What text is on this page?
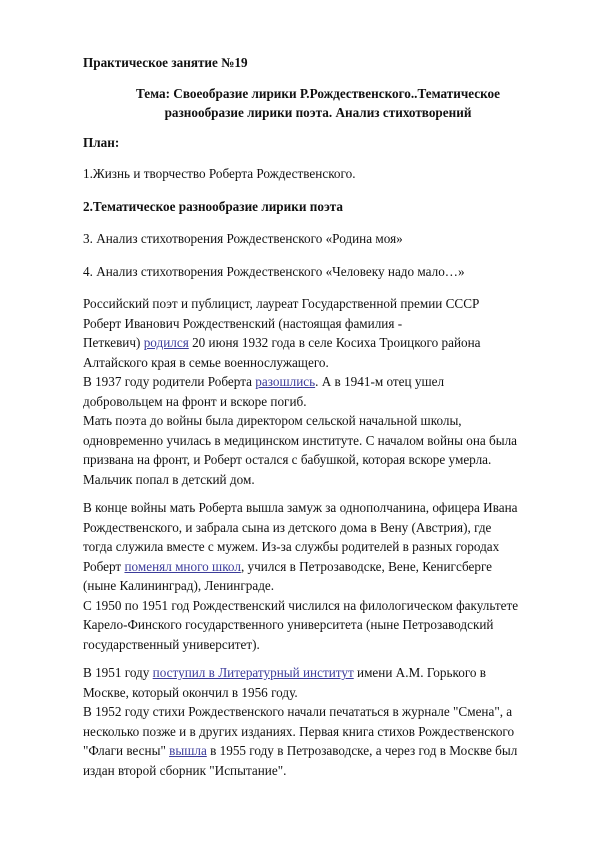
Практическое занятие №19
Тема: Своеобразие лирики Р.Рождественского..Тематическое
разнообразие лирики поэта. Анализ стихотворений
План:
1.Жизнь и творчество Роберта Рождественского.
2.Тематическое разнообразие лирики поэта
3. Анализ стихотворения Рождественского «Родина моя»
4. Анализ стихотворения Рождественского «Человеку надо мало…»
Российский поэт и публицист, лауреат Государственной премии СССР
Роберт Иванович Рождественский (настоящая фамилия -
Петкевич) родился 20 июня 1932 года в селе Косиха Троицкого района
Алтайского края в семье военнослужащего.
В 1937 году родители Роберта разошлись. А в 1941-м отец ушел
добровольцем на фронт и вскоре погиб.
Мать поэта до войны была директором сельской начальной школы,
одновременно училась в медицинском институте. С началом войны она была
призвана на фронт, и Роберт остался с бабушкой, которая вскоре умерла.
Мальчик попал в детский дом.
В конце войны мать Роберта вышла замуж за однополчанина, офицера Ивана
Рождественского, и забрала сына из детского дома в Вену (Австрия), где
тогда служила вместе с мужем. Из-за службы родителей в разных городах
Роберт поменял много школ, учился в Петрозаводске, Вене, Кенигсберге
(ныне Калининград), Ленинграде.
С 1950 по 1951 год Рождественский числился на филологическом факультете
Карело-Финского государственного университета (ныне Петрозаводский
государственный университет).
В 1951 году поступил в Литературный институт имени А.М. Горького в
Москве, который окончил в 1956 году.
В 1952 году стихи Рождественского начали печататься в журнале "Смена", а
несколько позже и в других изданиях. Первая книга стихов Рождественского
"Флаги весны" вышла в 1955 году в Петрозаводске, а через год в Москве был
издан второй сборник "Испытание".
